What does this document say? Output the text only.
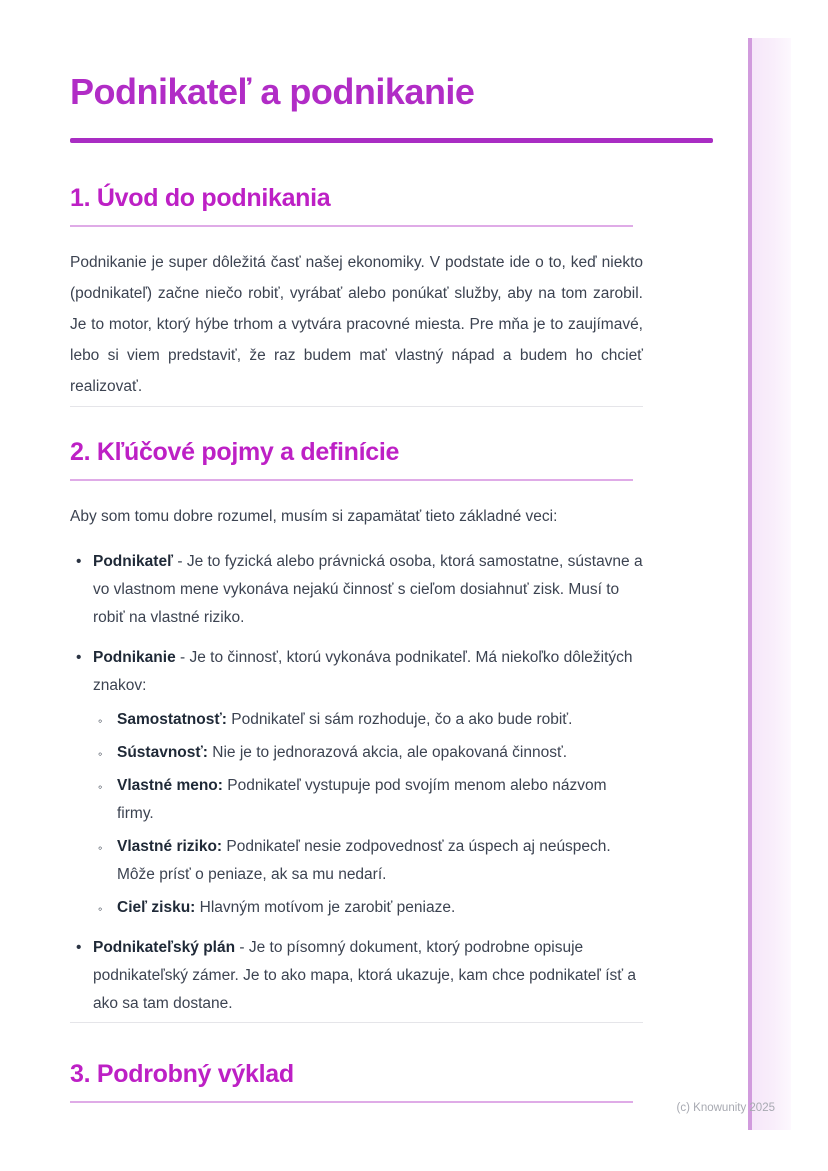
Podnikateľ a podnikanie
1. Úvod do podnikania

Podnikanie je super dôležitá časť našej ekonomiky. V podstate ide o to, keď niekto (podnikateľ) začne niečo robiť, vyrábať alebo ponúkať služby, aby na tom zarobil. Je to motor, ktorý hýbe trhom a vytvára pracovné miesta. Pre mňa je to zaujímavé, lebo si viem predstaviť, že raz budem mať vlastný nápad a budem ho chcieť realizovať.

2. Kľúčové pojmy a definície

Aby som tomu dobre rozumel, musím si zapamätať tieto základné veci:

• Podnikateľ - Je to fyzická alebo právnická osoba, ktorá samostatne, sústavne a vo vlastnom mene vykonáva nejakú činnosť s cieľom dosiahnuť zisk. Musí to robiť na vlastné riziko.
• Podnikanie - Je to činnosť, ktorú vykonáva podnikateľ. Má niekoľko dôležitých znakov:
◦ Samostatnosť: Podnikateľ si sám rozhoduje, čo a ako bude robiť.
◦ Sústavnosť: Nie je to jednorazová akcia, ale opakovaná činnosť.
◦ Vlastné meno: Podnikateľ vystupuje pod svojím menom alebo názvom firmy.
◦ Vlastné riziko: Podnikateľ nesie zodpovednosť za úspech aj neúspech. Môže prísť o peniaze, ak sa mu nedarí.
◦ Cieľ zisku: Hlavným motívom je zarobiť peniaze.
• Podnikateľský plán - Je to písomný dokument, ktorý podrobne opisuje podnikateľský zámer. Je to ako mapa, ktorá ukazuje, kam chce podnikateľ ísť a ako sa tam dostane.
3. Podrobný výklad
(c) Knowunity 2025
